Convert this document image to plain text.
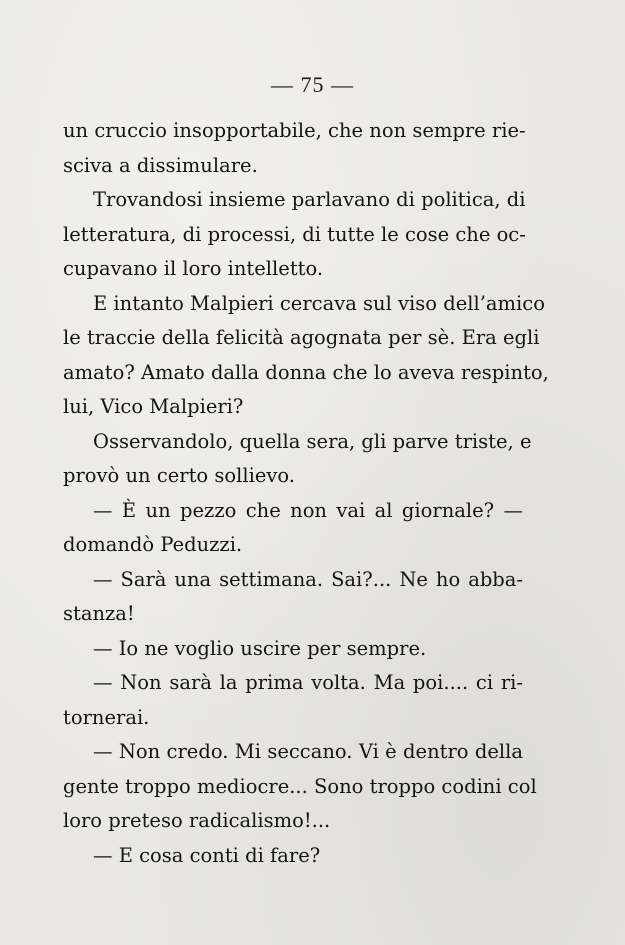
— 75 —

un cruccio insopportabile, che non sempre rie-
sciva a dissimulare.

Trovandosi insieme parlavano di politica, di
letteratura, di processi, di tutte le cose che oc-
cupavano il loro intelletto.

E intanto Malpieri cercava sul viso dell’amico
le traccie della felicità agognata per sè. Era egli
amato? Amato dalla donna che lo aveva respinto,
lui, Vico Malpieri?

Osservandolo, quella sera, gli parve triste, e
provò un certo sollievo.

— È un pezzo che non vai al giornale? —
domandò Peduzzi.

— Sarà una settimana. Sai?... Ne ho abba-
stanza!

— Io ne voglio uscire per sempre.

— Non sarà la prima volta. Ma poi.... ci ri-
tornerai.

— Non credo. Mi seccano. Vi è dentro della
gente troppo mediocre... Sono troppo codini col
loro preteso radicalismo!...

— E cosa conti di fare?
